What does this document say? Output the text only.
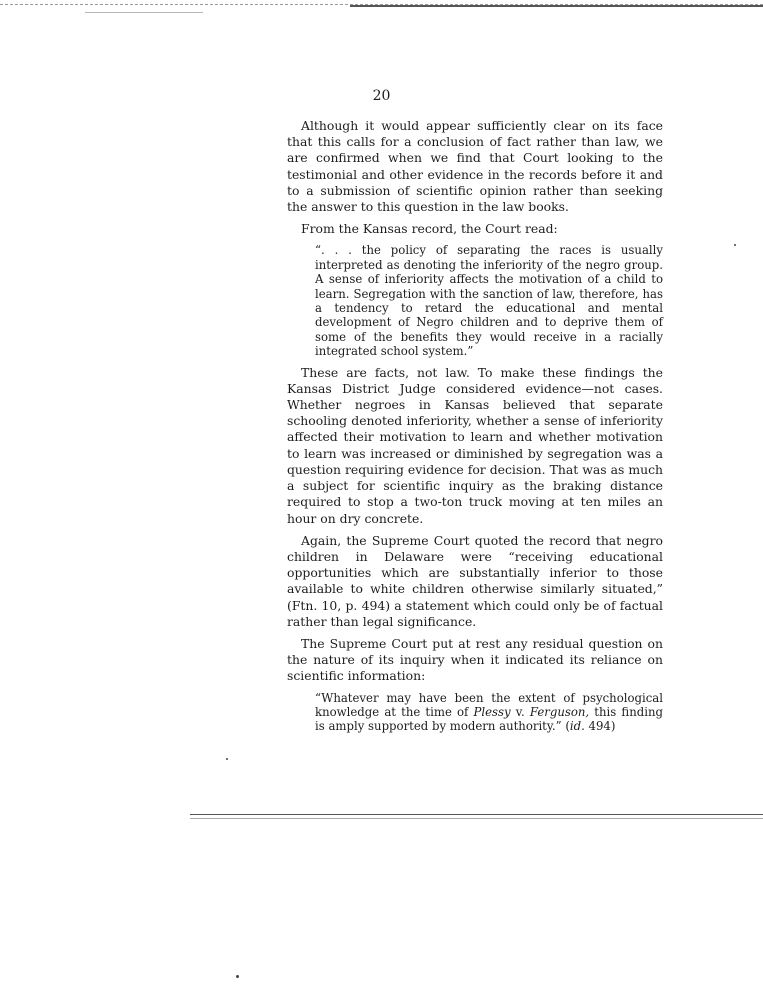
20

Although it would appear sufficiently clear on its face that this calls for a conclusion of fact rather than law, we are confirmed when we find that Court looking to the testimonial and other evidence in the records before it and to a submission of scientific opinion rather than seeking the answer to this question in the law books.

From the Kansas record, the Court read:

“. . . the policy of separating the races is usually interpreted as denoting the inferiority of the negro group. A sense of inferiority affects the motivation of a child to learn. Segregation with the sanction of law, therefore, has a tendency to retard the educational and mental development of Negro children and to deprive them of some of the benefits they would receive in a racially integrated school system.”

These are facts, not law. To make these findings the Kansas District Judge considered evidence—not cases. Whether negroes in Kansas believed that separate schooling denoted inferiority, whether a sense of inferiority affected their motivation to learn and whether motivation to learn was increased or diminished by segregation was a question requiring evidence for decision. That was as much a subject for scientific inquiry as the braking distance required to stop a two-ton truck moving at ten miles an hour on dry concrete.

Again, the Supreme Court quoted the record that negro children in Delaware were “receiving educational opportunities which are substantially inferior to those available to white children otherwise similarly situated,” (Ftn. 10, p. 494) a statement which could only be of factual rather than legal significance.

The Supreme Court put at rest any residual question on the nature of its inquiry when it indicated its reliance on scientific information:

“Whatever may have been the extent of psychological knowledge at the time of Plessy v. Ferguson, this finding is amply supported by modern authority.” (id. 494)
